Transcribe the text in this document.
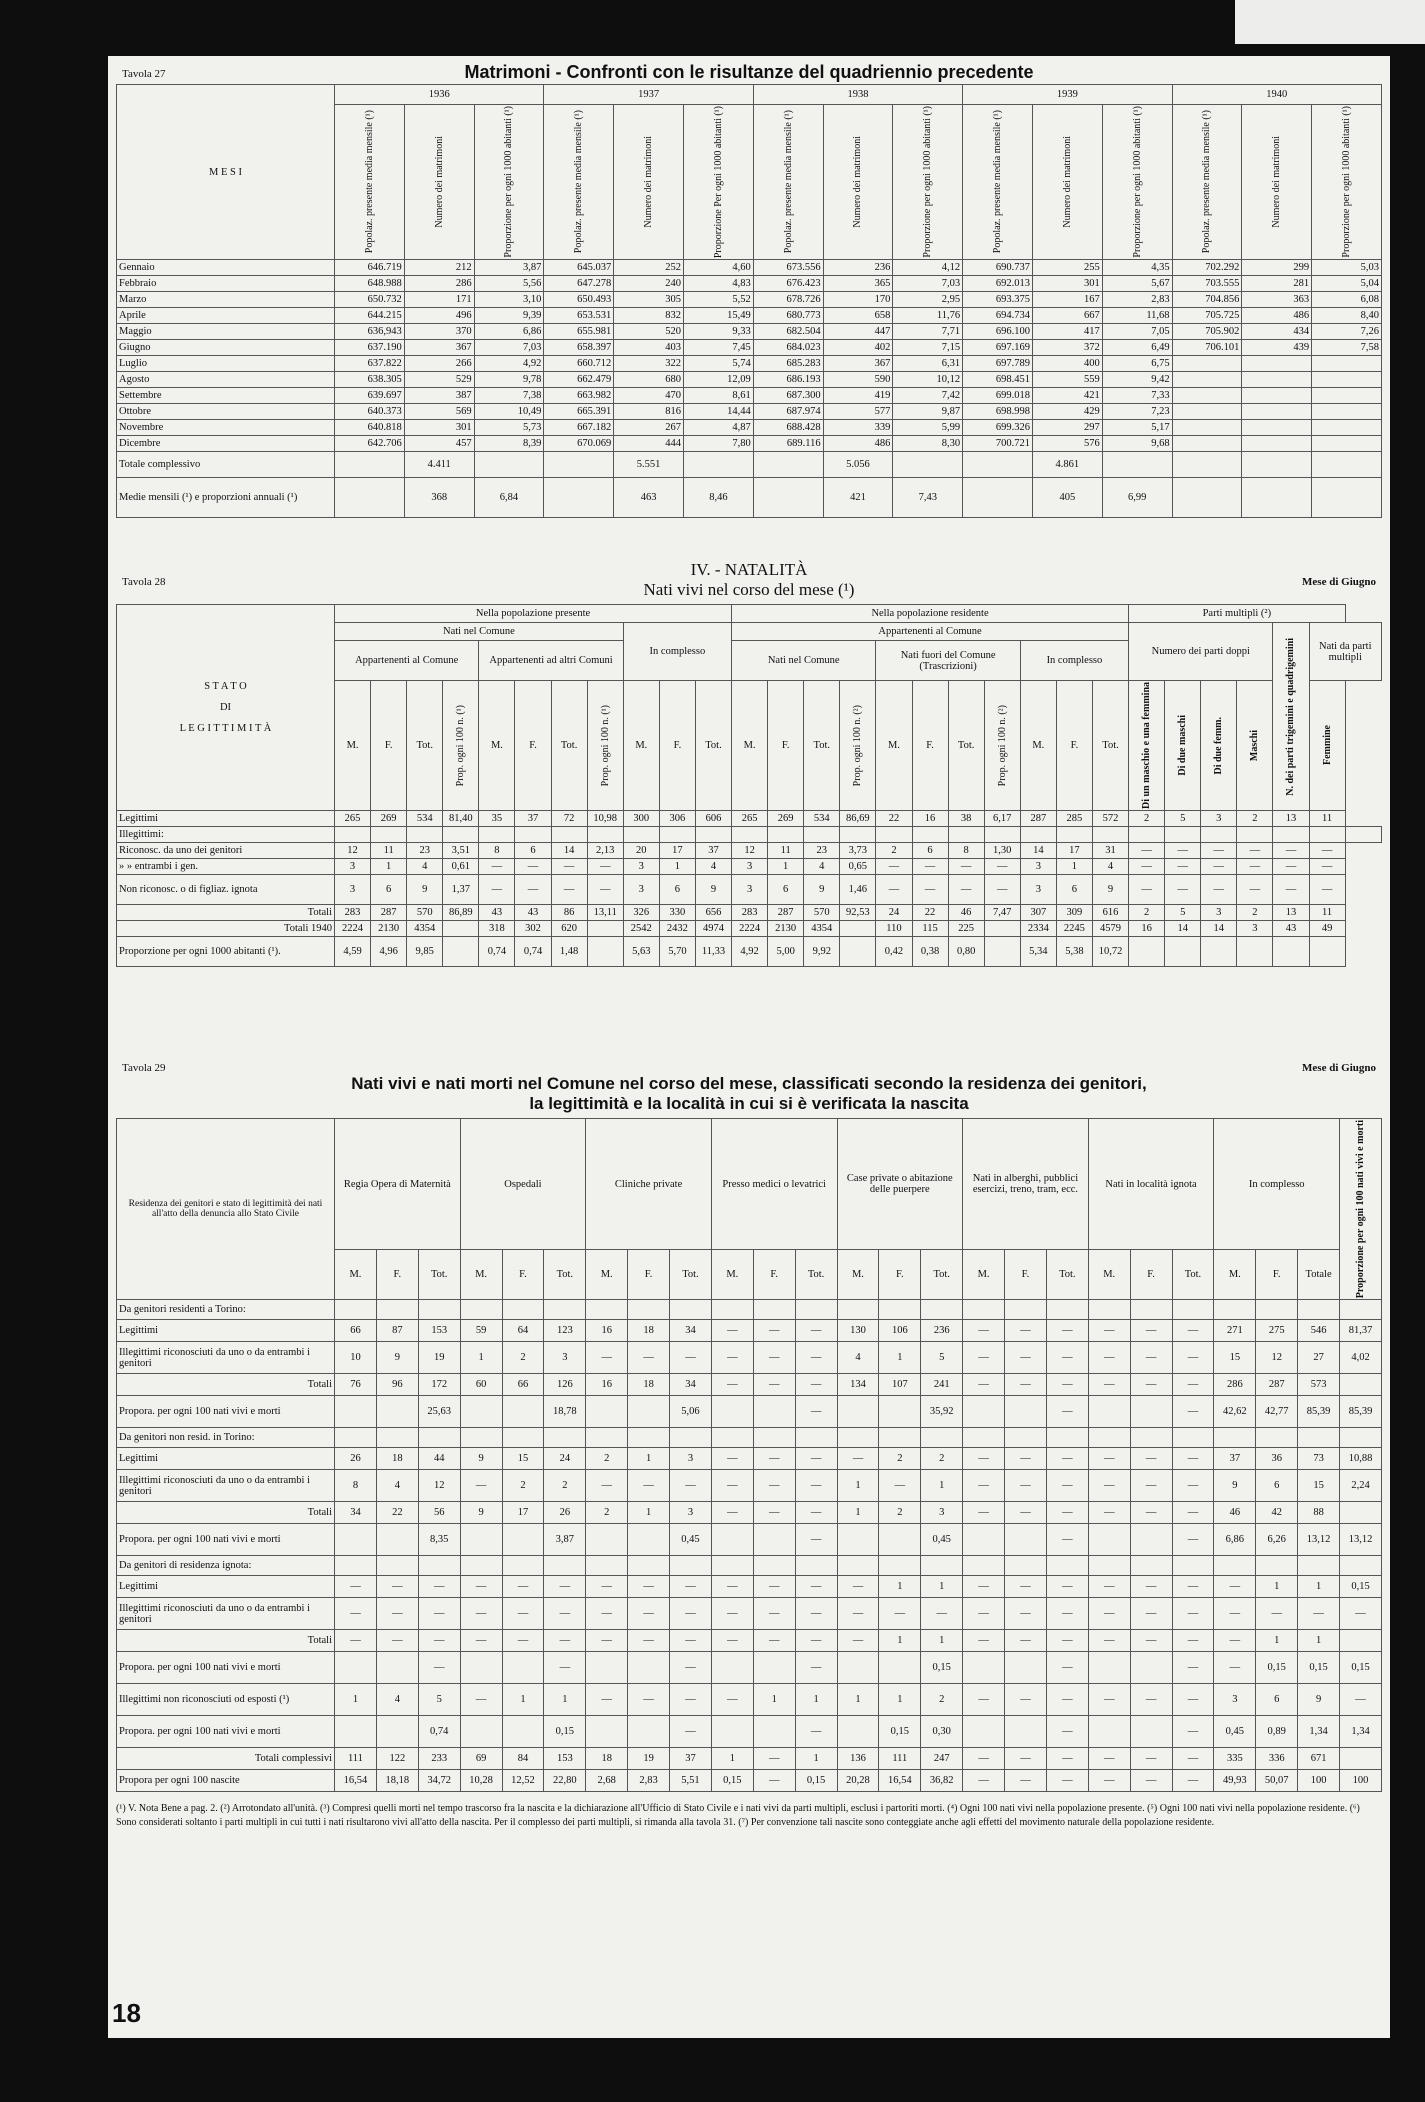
Tavola 27	Matrimoni - Confronti con le risultanze del quadriennio precedente
M E S I	1936			1937			1938			1939			1940		

	Popolaz. presente media mensile (¹)	Numero dei matrimoni	Proporzione per ogni 1000 abitanti (¹)	Popolaz. presente media mensile (¹)	Numero dei matrimoni	Proporzione Per ogni 1000 abitanti (¹)	Popolaz. presente media mensile (¹)	Numero dei matrimoni	Proporzione per ogni 1000 abitanti (¹)	Popolaz. presente media mensile (¹)	Numero dei matrimoni	Proporzione per ogni 1000 abitanti (¹)	Popolaz. presente media mensile (¹)	Numero dei matrimoni	Proporzione per ogni 1000 abitanti (¹)

Gennaio	646.719	212	3,87	645.037	252	4,60	673.556	236	4,12	690.737	255	4,35	702.292	299	5,03
Febbraio	648.988	286	5,56	647.278	240	4,83	676.423	365	7,03	692.013	301	5,67	703.555	281	5,04
Marzo	650.732	171	3,10	650.493	305	5,52	678.726	170	2,95	693.375	167	2,83	704.856	363	6,08
Aprile	644.215	496	9,39	653.531	832	15,49	680.773	658	11,76	694.734	667	11,68	705.725	486	8,40
Maggio	636,943	370	6,86	655.981	520	9,33	682.504	447	7,71	696.100	417	7,05	705.902	434	7,26
Giugno	637.190	367	7,03	658.397	403	7,45	684.023	402	7,15	697.169	372	6,49	706.101	439	7,58
Luglio	637.822	266	4,92	660.712	322	5,74	685.283	367	6,31	697.789	400	6,75			
Agosto	638.305	529	9,78	662.479	680	12,09	686.193	590	10,12	698.451	559	9,42			
Settembre	639.697	387	7,38	663.982	470	8,61	687.300	419	7,42	699.018	421	7,33			
Ottobre	640.373	569	10,49	665.391	816	14,44	687.974	577	9,87	698.998	429	7,23			
Novembre	640.818	301	5,73	667.182	267	4,87	688.428	339	5,99	699.326	297	5,17			
Dicembre	642.706	457	8,39	670.069	444	7,80	689.116	486	8,30	700.721	576	9,68			
Totale complessivo		4.411			5.551			5.056			4.861				
Medie mensili (¹) e proporzioni annuali (¹)		368	6,84		463	8,46		421	7,43		405	6,99			
Tavola 28
IV. - NATALITÀ
Nati vivi nel corso del mese (¹)	Mese di Giugno
S T A T O
DI
L E G I T T I M I T À	Nella popolazione presente											Nella popolazione residente											Parti multipli (²)						
	Nati nel Comune								In complesso			Appartenenti al Comune											Numero dei parti doppi				N. dei parti trigemini e quadrigemini	Nati da parti multipli	
	Appartenenti al Comune				Appartenenti ad altri Comuni							Nati nel Comune				Nati fuori del Comune (Trascrizioni)				In complesso									
	M.	F.	Tot.	Prop. ogni 100 n. (¹)	M.	F.	Tot.	Prop. ogni 100 n. (¹)	M.	F.	Tot.	M.	F.	Tot.	Prop. ogni 100 n. (²)	M.	F.	Tot.	Prop. ogni 100 n. (²)	M.	F.	Tot.	Di un maschio e una femmina	Di due maschi	Di due femm.	Maschi		Femmine	

Legittimi	265	269	534	81,40	35	37	72	10,98	300	306	606	265	269	534	86,69	22	16	38	6,17	287	285	572	2	5	3	2	13	11	
Illegittimi:																													
Riconosc. da uno dei genitori	12	11	23	3,51	8	6	14	2,13	20	17	37	12	11	23	3,73	2	6	8	1,30	14	17	31	—	—	—	—	—	—	
» » entrambi i gen.	3	1	4	0,61	—	—	—	—	3	1	4	3	1	4	0,65	—	—	—	—	3	1	4	—	—	—	—	—	—	
Non riconosc. o di figliaz. ignota	3	6	9	1,37	—	—	—	—	3	6	9	3	6	9	1,46	—	—	—	—	3	6	9	—	—	—	—	—	—	
Totali	283	287	570	86,89	43	43	86	13,11	326	330	656	283	287	570	92,53	24	22	46	7,47	307	309	616	2	5	3	2	13	11	
Totali 1940	2224	2130	4354		318	302	620		2542	2432	4974	2224	2130	4354		110	115	225		2334	2245	4579	16	14	14	3	43	49	
Proporzione per ogni 1000 abitanti (¹).	4,59	4,96	9,85		0,74	0,74	1,48		5,63	5,70	11,33	4,92	5,00	9,92		0,42	0,38	0,80		5,34	5,38	10,72							
Tavola 29	Mese di Giugno
Nati vivi e nati morti nel Comune nel corso del mese, classificati secondo la residenza dei genitori,
la legittimità e la località in cui si è verificata la nascita
Residenza dei genitori e stato di legittimità dei nati all'atto della denuncia allo Stato Civile	Regia Opera di Maternità			Ospedali			Cliniche private			Presso medici o levatrici			Case private o abitazione delle puerpere			Nati in alberghi, pubblici esercizi, treno, tram, ecc.			Nati in località ignota			In complesso			Proporzione per ogni 100 nati vivi e morti

	M.	F.	Tot.	M.	F.	Tot.	M.	F.	Tot.	M.	F.	Tot.	M.	F.	Tot.	M.	F.	Tot.	M.	F.	Tot.	M.	F.	Totale	
Da genitori residenti a Torino:																									
Legittimi	66	87	153	59	64	123	16	18	34	—	—	—	130	106	236	—	—	—	—	—	—	271	275	546	81,37
Illegittimi riconosciuti da uno o da entrambi i genitori	10	9	19	1	2	3	—	—	—	—	—	—	4	1	5	—	—	—	—	—	—	15	12	27	4,02
Totali	76	96	172	60	66	126	16	18	34	—	—	—	134	107	241	—	—	—	—	—	—	286	287	573	
Propora. per ogni 100 nati vivi e morti			25,63			18,78			5,06			—			35,92			—			—	42,62	42,77	85,39	85,39
Da genitori non resid. in Torino:																									
Legittimi	26	18	44	9	15	24	2	1	3	—	—	—	—	2	2	—	—	—	—	—	—	37	36	73	10,88
Illegittimi riconosciuti da uno o da entrambi i genitori	8	4	12	—	2	2	—	—	—	—	—	—	1	—	1	—	—	—	—	—	—	9	6	15	2,24
Totali	34	22	56	9	17	26	2	1	3	—	—	—	1	2	3	—	—	—	—	—	—	46	42	88	
Propora. per ogni 100 nati vivi e morti			8,35			3,87			0,45			—			0,45			—			—	6,86	6,26	13,12	13,12
Da genitori di residenza ignota:																									
Legittimi	—	—	—	—	—	—	—	—	—	—	—	—	—	1	1	—	—	—	—	—	—	—	1	1	0,15
Illegittimi riconosciuti da uno o da entrambi i genitori	—	—	—	—	—	—	—	—	—	—	—	—	—	—	—	—	—	—	—	—	—	—	—	—	—
Totali	—	—	—	—	—	—	—	—	—	—	—	—	—	1	1	—	—	—	—	—	—	—	1	1	
Propora. per ogni 100 nati vivi e morti			—			—			—			—			0,15			—			—	—	0,15	0,15	0,15
Illegittimi non riconosciuti od esposti (¹)	1	4	5	—	1	1	—	—	—	—	1	1	1	1	2	—	—	—	—	—	—	3	6	9	—
Propora. per ogni 100 nati vivi e morti			0,74			0,15			—			—		0,15	0,30			—			—	0,45	0,89	1,34	1,34
Totali complessivi	111	122	233	69	84	153	18	19	37	1	—	1	136	111	247	—	—	—	—	—	—	335	336	671	
Propora per ogni 100 nascite	16,54	18,18	34,72	10,28	12,52	22,80	2,68	2,83	5,51	0,15	—	0,15	20,28	16,54	36,82	—	—	—	—	—	—	49,93	50,07	100	100
(¹) V. Nota Bene a pag. 2. (²) Arrotondato all'unità. (³) Compresi quelli morti nel tempo trascorso fra la nascita e la dichiarazione all'Ufficio di Stato Civile e i nati vivi da parti multipli, esclusi i partoriti morti. (⁴) Ogni 100 nati vivi nella popolazione presente. (⁵) Ogni 100 nati vivi nella popolazione residente. (⁶) Sono considerati soltanto i parti multipli in cui tutti i nati risultarono vivi all'atto della nascita. Per il complesso dei parti multipli, si rimanda alla tavola 31. (⁷) Per convenzione tali nascite sono conteggiate anche agli effetti del movimento naturale della popolazione residente.
18
